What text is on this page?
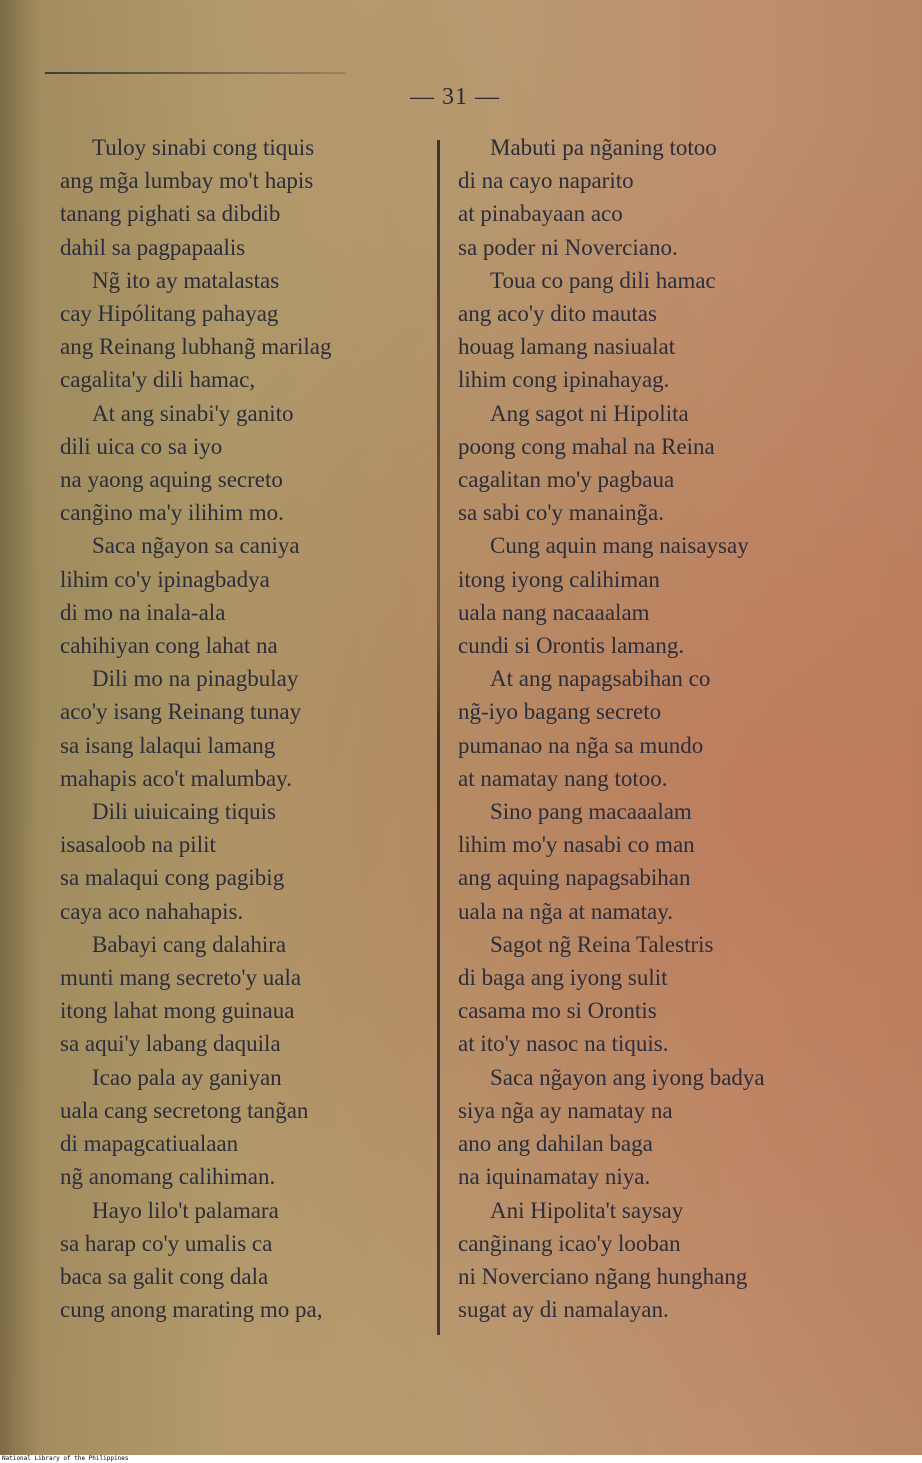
— 31 —
Tuloy sinabi cong tiquis
ang mg̃a lumbay mo't hapis
tanang pighati sa dibdib
dahil sa pagpapaalis
Ng̃ ito ay matalastas
cay Hipólitang pahayag
ang Reinang lubhang̃ marilag
cagalita'y dili hamac,
At ang sinabi'y ganito
dili uica co sa iyo
na yaong aquing secreto
cang̃ino ma'y ilihim mo.
Saca ng̃ayon sa caniya
lihim co'y ipinagbadya
di mo na inala-ala
cahihiyan cong lahat na
Dili mo na pinagbulay
aco'y isang Reinang tunay
sa isang lalaqui lamang
mahapis aco't malumbay.
Dili uiuicaing tiquis
isasaloob na pilit
sa malaqui cong pagibig
caya aco nahahapis.
Babayi cang dalahira
munti mang secreto'y uala
itong lahat mong guinaua
sa aqui'y labang daquila
Icao pala ay ganiyan
uala cang secretong tang̃an
di mapagcatiualaan
ng̃ anomang calihiman.
Hayo lilo't palamara
sa harap co'y umalis ca
baca sa galit cong dala
cung anong marating mo pa,
Mabuti pa ng̃aning totoo
di na cayo naparito
at pinabayaan aco
sa poder ni Noverciano.
Toua co pang dili hamac
ang aco'y dito mautas
houag lamang nasiualat
lihim cong ipinahayag.
Ang sagot ni Hipolita
poong cong mahal na Reina
cagalitan mo'y pagbaua
sa sabi co'y manaing̃a.
Cung aquin mang naisaysay
itong iyong calihiman
uala nang nacaaalam
cundi si Orontis lamang.
At ang napagsabihan co
ng̃-iyo bagang secreto
pumanao na ng̃a sa mundo
at namatay nang totoo.
Sino pang macaaalam
lihim mo'y nasabi co man
ang aquing napagsabihan
uala na ng̃a at namatay.
Sagot ng̃ Reina Talestris
di baga ang iyong sulit
casama mo si Orontis
at ito'y nasoc na tiquis.
Saca ng̃ayon ang iyong badya
siya ng̃a ay namatay na
ano ang dahilan baga
na iquinamatay niya.
Ani Hipolita't saysay
cang̃inang icao'y looban
ni Noverciano ng̃ang hunghang
sugat ay di namalayan.
National Library of the Philippines
